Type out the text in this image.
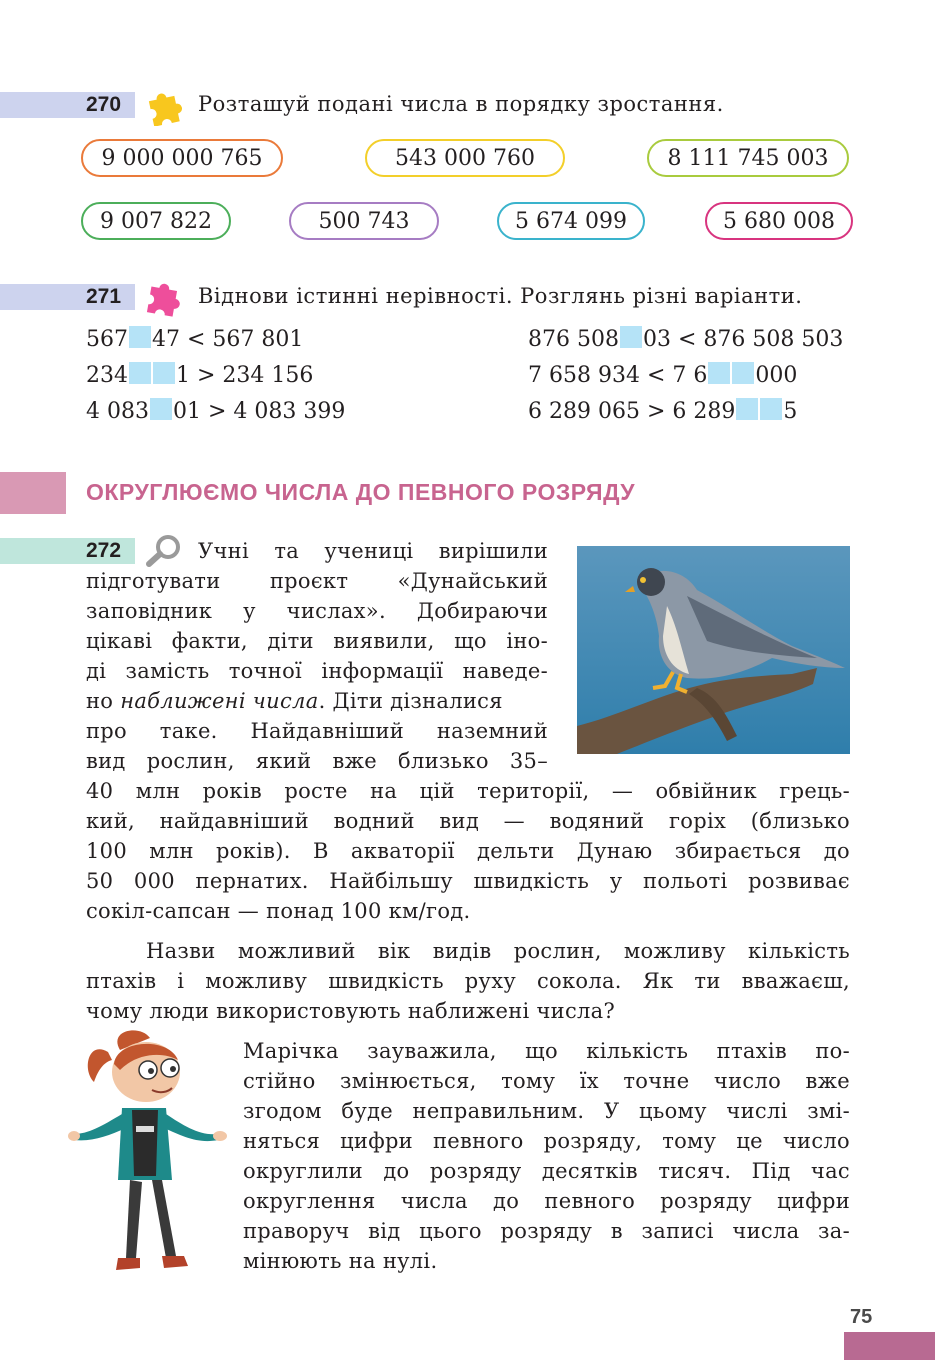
270	Розташуй подані числа в порядку зростання.
9 000 000 765	543 000 760	8 111 745 003
9 007 822	500 743	5 674 099	5 680 008
271	Віднови істинні нерівності. Розглянь різні варіанти.
567 47 < 567 801
234 1 > 234 156
4 083 01 > 4 083 399
876 508 03 < 876 508 503
7 658 934 < 7 6 000
6 289 065 > 6 289 5
ОКРУГЛЮЄМО ЧИСЛА ДО ПЕВНОГО РОЗРЯДУ
272	Учні та учениці вирішили
підготувати проєкт «Дунайський
заповідник у числах». Добираючи
цікаві факти, діти виявили, що іно-
ді замість точної інформації наведе-
но наближені числа. Діти дізналися
про таке. Найдавніший наземний
вид рослин, який вже близько 35–
40 млн років росте на цій території, — обвійник грець-
кий, найдавніший водний вид — водяний горіх (близько
100 млн років). В акваторії дельти Дунаю збирається до
50 000 пернатих. Найбільшу швидкість у польоті розвиває
сокіл-сапсан — понад 100 км/год.
Назви можливий вік видів рослин, можливу кількість
птахів і можливу швидкість руху сокола. Як ти вважаєш,
чому люди використовують наближені числа?
Марічка зауважила, що кількість птахів по-
стійно змінюється, тому їх точне число вже
згодом буде неправильним. У цьому числі змі-
няться цифри певного розряду, тому це число
округлили до розряду десятків тисяч. Під час
округлення числа до певного розряду цифри
праворуч від цього розряду в записі числа за-
мінюють на нулі.
75
